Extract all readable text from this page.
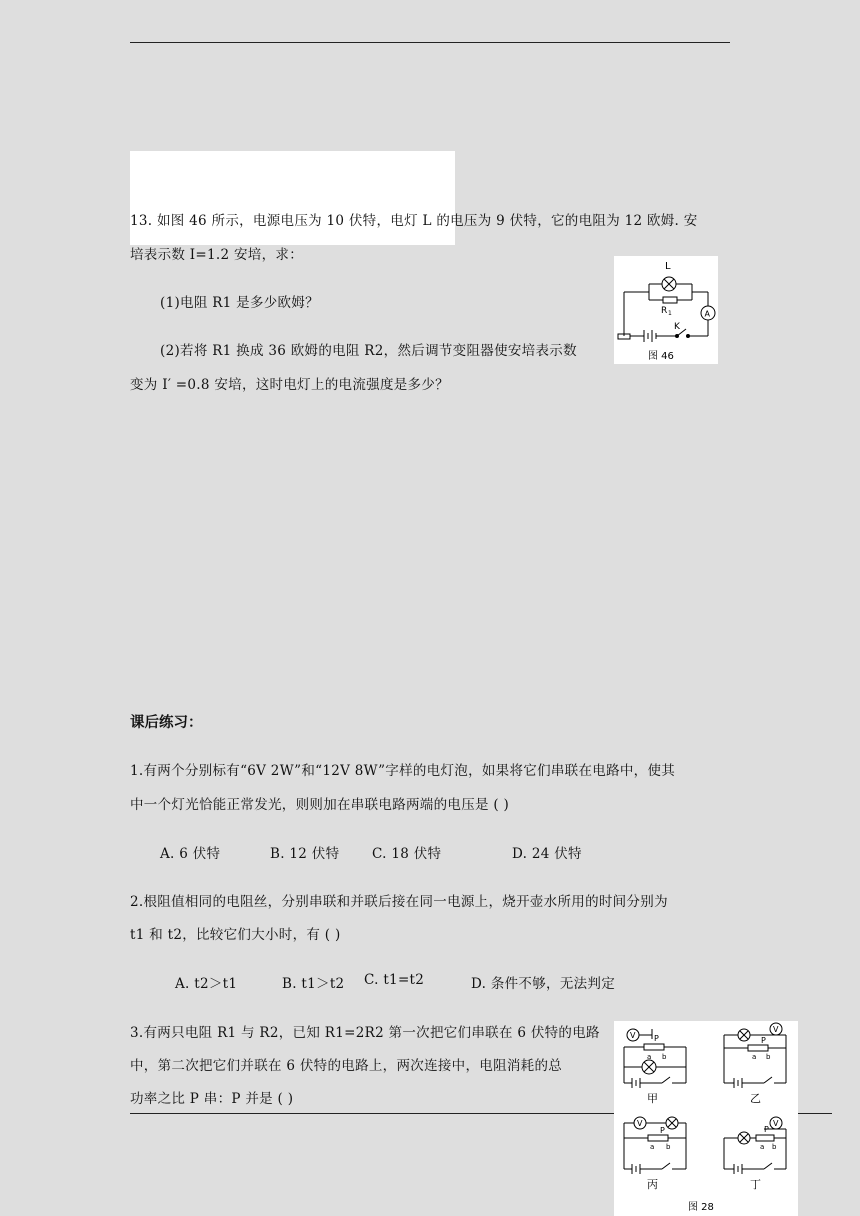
13. 如图 46 所示，电源电压为 10 伏特，电灯 L 的电压为 9 伏特，它的电阻为 12 欧姆. 安
培表示数 I=1.2 安培，求：
(1)电阻 R1 是多少欧姆？
(2)若将 R1 换成 36 欧姆的电阻 R2，然后调节变阻器使安培表示数
变为 I′ =0.8 安培，这时电灯上的电流强度是多少？
L
R 1	A
K
图 46
课后练习：
1.有两个分别标有“6V 2W”和“12V 8W”字样的电灯泡，如果将它们串联在电路中，使其
中一个灯光恰能正常发光，则则加在串联电路两端的电压是 ( )
A. 6 伏特	B. 12 伏特 C. 18 伏特	D. 24 伏特
2.根阻值相同的电阻丝，分别串联和并联后接在同一电源上，烧开壶水所用的时间分别为
t1 和 t2，比较它们大小时，有 ( )
A. t2＞t1	B. t1＞t2 C. t1=t2	D. 条件不够，无法判定
3.有两只电阻 R1 与 R2，已知 R1=2R2 第一次把它们串联在 6 伏特的电路
中，第二次把它们并联在 6 伏特的电路上，两次连接中，电阻消耗的总
功率之比 P 串：P 并是 ( )
V
V
V	V
P	P
P	P
a b	a b
a b	a b
甲	乙
丙	丁
图 28
